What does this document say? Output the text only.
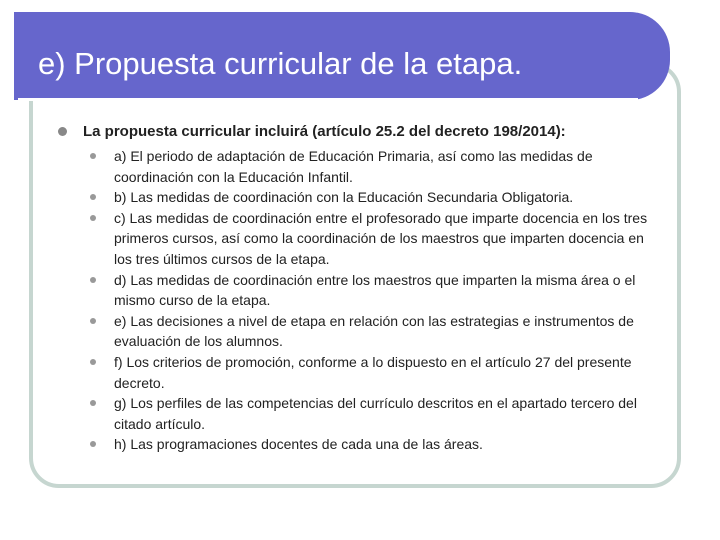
e) Propuesta curricular de la etapa.
La propuesta curricular incluirá (artículo 25.2 del decreto 198/2014):
a) El periodo de adaptación de Educación Primaria, así como las medidas de coordinación con la Educación Infantil.
b) Las medidas de coordinación con la Educación Secundaria Obligatoria.
c) Las medidas de coordinación entre el profesorado que imparte docencia en los tres primeros cursos, así como la coordinación de los maestros que imparten docencia en los tres últimos cursos de la etapa.
d) Las medidas de coordinación entre los maestros que imparten la misma área o el mismo curso de la etapa.
e) Las decisiones a nivel de etapa en relación con las estrategias e instrumentos de evaluación de los alumnos.
f) Los criterios de promoción, conforme a lo dispuesto en el artículo 27 del presente decreto.
g) Los perfiles de las competencias del currículo descritos en el apartado tercero del citado artículo.
h) Las programaciones docentes de cada una de las áreas.
